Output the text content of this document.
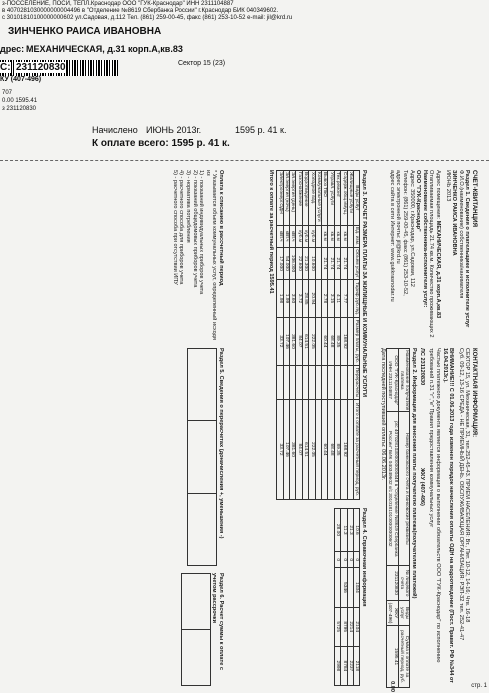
з-ПОССЕЛЕНИЕ, ПОСИ, ТЕПЛ.Краснодар ООО "ГУК-Краснодар" ИНН 2311104887
в 4070281030000000004496 в "Отделение №8619 Сбербанка России" г.Краснодар БИК 040349602.
с 30101810100000000602 ул.Садовая, д.112 Тел. (861) 259-00-45, факс (861) 253-10-52 e-mail: jil@krd.ru
ЗИНЧЕНКО РАИСА ИВАНОВНА
дрес: МЕХАНИЧЕСКАЯ, д.31 корп.А,кв.83
С: 231120830	Сектор 15 (23)
КУ (407-496)
707
0.00 1595.41
з 231120830
Начислено ИЮНЬ 2013г.	1595 р. 41 к.
К оплате всего: 1595 р. 41 к.
КОНТАКТНАЯ ИНФОРМАЦИЯ:
СЕКТОР 15, ул. Механическая, 31, тел.252-45-43. ПРИЕМ НАСЕЛЕНИЯ: Вт., Пят. 10-12, 14-16; Чтв. 16-18
Суб. 09-12, 13-16 СРЕДА - НЕ ПРИЕМНЫЙ ДЕНЬ. ОБСЛУЖИВАЮЩАЯ ОРГАНИЗАЦИЯ: РЭП-32 тел. 252-41-47
ВНИМАНИЕ!!! С 01.06.2013 года изменен порядок начисления оплаты ОДН на водоотведение (Пост. Правит. РФ №344 от 16.04.2013г.).
Частью платежного документа является информация о выполнении обязательств ООО "ГУК-Краснодар" по исполнению
требований п.31 "г","е" Правил предоставления коммунальных услуг
СЧЕТ-КВИТАНЦИЯ
Раздел 1. Сведения о плательщике и исполнителе услуг
Ф.И.О.(наименование) собственника/нанимателя
ЗИНЧЕНКО РАИСА ИВАНОВНА
ИЮНЬ 2013
Адрес помещения: МЕХАНИЧЕСКАЯ, д.31 корп.А,кв.83
Отапливаемая площадь 21.74 кв.м. Количество проживающих 2
Наименование собственника-исполнителя услуг:
ООО "ГУК-Краснодар"
Адрес: 350000, г.Краснодар, ул.Садовая, 112
Телефон: (861) 259-00-45, факс (861) 253-10-52,
адрес электронной почты: jil@krd.ru
адрес сайта в сети Интернет: www.gukkrasnodar.ru
ЛС 231120830
ЖКУ (407-496)
Раздел 2. Информация для внесения платы получателю платежа(получателям платежей)
Наименование получателя платежа	Номер банковского счета и банковские реквизиты	№ лицевого счета	Виды услуг	Сумма к оплате за расчетный период, руб.
ООО "ГУК-Краснодар" ИНН 2311104887	р/с 40702810300000000448 в "Отделение №8619 Сбербанка России" БИК 040349602 к/с 30101810100000000602	231120830	ЖКУ (407-496)	1595.41
0.00
Дата последней поступившей оплаты: 06.06.2013г.
Раздел 3. РАСЧЕТ РАЗМЕРА ПЛАТЫ ЗА ЖИЛИЩНЫЕ И КОММУНАЛЬНЫЕ УСЛУГИ
Виды услуг	Ед. изм.	Объем услуг	Тариф руб./ед.	Размер платы, руб.	Перерасчеты	Итого к оплате за расчетный период, руб.
Жилищные услуги						
Содерж.общ.имущ.	кв.м	21.74	7.77	168.92		168.92
Тек.ремонт	кв.м	21.74	4.11	89.35		89.35
Управл. услуги	кв.м	21.74	3.15	68.48		68.48
Вывоз ТБО	кв.м	21.74	2.78	60.44		60.44
Коммунальные услуги						
Холодное вод.	куб.м	10.600	20.94	222.05		222.05
Водоотведение	куб.м	21.300	28.85	614.51		614.51
Газоснабжение	куб.м	22.600	3.72	84.07		84.07
Эл.энергия (день)	кВт.ч	106.000	3.60	381.60		381.60
Эл.энергия (ночь)	кВт.ч	54.000	1.99	107.46		107.46
Электроэнерг.ОДН	кВт.ч	17.000	1.98	33.72		33.72
Итого к оплате за расчетный период 1595.41
Раздел 4. Справочная информация
10.6	0	1034	2104	2118
21.3	0		2214	2237
11.3	0	5346	8795	8784
28.00	0		5725	2998
Раздел 5. Сведения о перерасчетах (доначисления +, уменьшения -)

Раздел 6. Расчет суммы к оплате с учетом рассрочки

Оплата к списанию в рассчетный период
* Указывается объем коммунальных услуг, определенный исходя из
1) - показаний индивидуальных приборов учета
2) - показаний общедомовых приборов учета
3) - норматива потребления
4) - расчетного способа для приборов учета
5) - расчетного способа при отсутствии ИПУ
стр. 1
